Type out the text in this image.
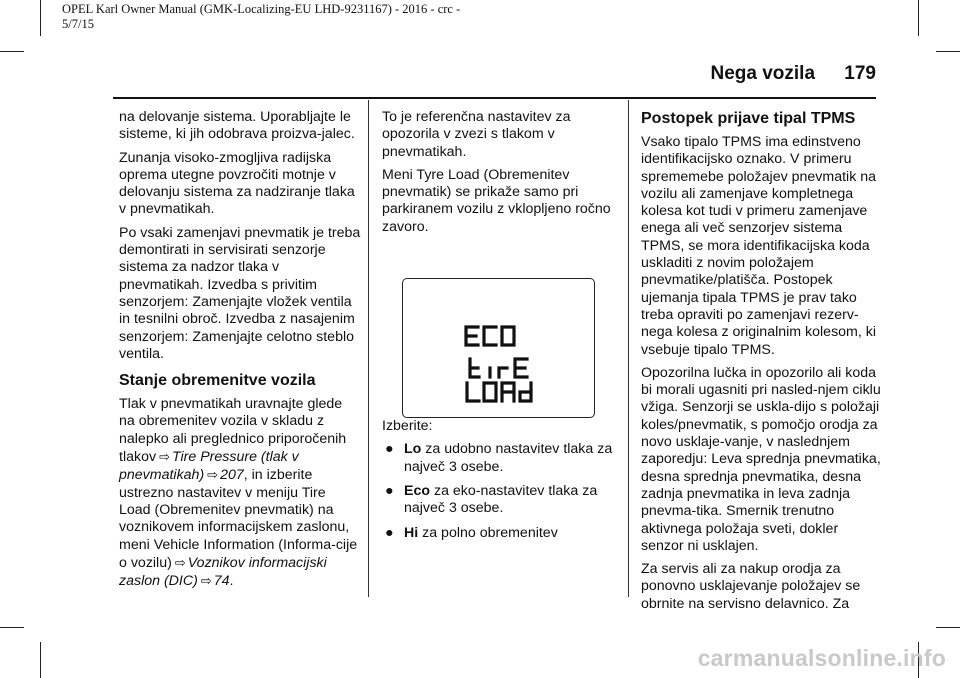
OPEL Karl Owner Manual (GMK-Localizing-EU LHD-9231167) - 2016 - crc -
5/7/15
Nega vozila 179

na delovanje sistema. Uporabljajte le sisteme, ki jih odobrava proizva-jalec.

Zunanja visoko-zmogljiva radijska oprema utegne povzročiti motnje v delovanju sistema za nadziranje tlaka v pnevmatikah.

Po vsaki zamenjavi pnevmatik je treba demontirati in servisirati senzorje sistema za nadzor tlaka v pnevmatikah. Izvedba s privitim senzorjem: Zamenjajte vložek ventila in tesnilni obroč. Izvedba z nasajenim senzorjem: Zamenjajte celotno steblo ventila.

Stanje obremenitve vozila

Tlak v pnevmatikah uravnajte glede na obremenitev vozila v skladu z nalepko ali preglednico priporočenih tlakov ⇨ Tire Pressure (tlak v pnevmatikah) ⇨ 207, in izberite ustrezno nastavitev v meniju Tire Load (Obremenitev pnevmatik) na voznikovem informacijskem zaslonu, meni Vehicle Information (Informa-cije o vozilu) ⇨ Voznikov informacijski zaslon (DIC) ⇨ 74.

To je referenčna nastavitev za opozorila v zvezi s tlakom v pnevmatikah.

Meni Tyre Load (Obremenitev pnevmatik) se prikaže samo pri parkiranem vozilu z vklopljeno ročno zavoro.

Izberite:

● Lo za udobno nastavitev tlaka za največ 3 osebe.
● Eco za eko-nastavitev tlaka za največ 3 osebe.
● Hi za polno obremenitev
Postopek prijave tipal TPMS

Vsako tipalo TPMS ima edinstveno identifikacijsko oznako. V primeru sprememebe položajev pnevmatik na vozilu ali zamenjave kompletnega kolesa kot tudi v primeru zamenjave enega ali več senzorjev sistema TPMS, se mora identifikacijska koda uskladiti z novim položajem pnevmatike/platišča. Postopek ujemanja tipala TPMS je prav tako treba opraviti po zamenjavi rezerv-nega kolesa z originalnim kolesom, ki vsebuje tipalo TPMS.

Opozorilna lučka in opozorilo ali koda bi morali ugasniti pri nasled-njem ciklu vžiga. Senzorji se uskla-dijo s položaji koles/pnevmatik, s pomočjo orodja za novo usklaje-vanje, v naslednjem zaporedju: Leva sprednja pnevmatika, desna sprednja pnevmatika, desna zadnja pnevmatika in leva zadnja pnevma-tika. Smernik trenutno aktivnega položaja sveti, dokler senzor ni usklajen.

Za servis ali za nakup orodja za ponovno usklajevanje položajev se obrnite na servisno delavnico. Za

carmanualsonline.info
